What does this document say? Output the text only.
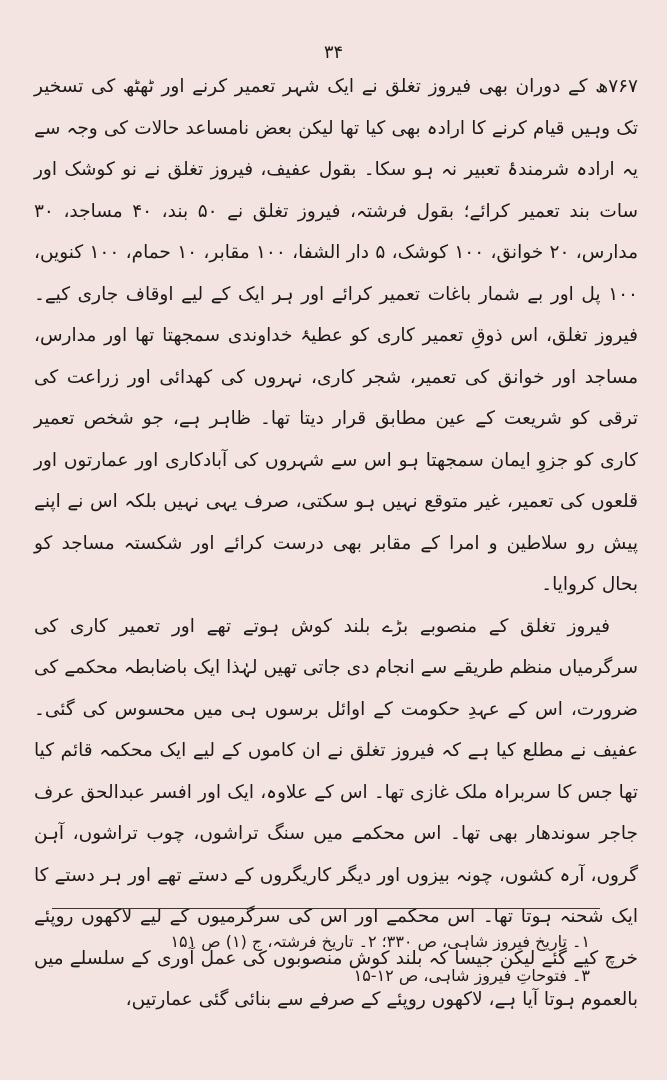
۳۴

۷۶۷ھ کے دوران بھی فیروز تغلق نے ایک شہر تعمیر کرنے اور ٹھٹھ کی تسخیر تک وہیں قیام کرنے کا ارادہ بھی کیا تھا لیکن بعض نامساعد حالات کی وجہ سے یہ ارادہ شرمندۂ تعبیر نہ ہو سکا۔ بقول عفیف، فیروز تغلق نے نو کوشک اور سات بند تعمیر کرائے؛ بقول فرشتہ، فیروز تغلق نے ۵۰ بند، ۴۰ مساجد، ۳۰ مدارس، ۲۰ خوانق، ۱۰۰ کوشک، ۵ دار الشفا، ۱۰۰ مقابر، ۱۰ حمام، ۱۰۰ کنویں، ۱۰۰ پل اور بے شمار باغات تعمیر کرائے اور ہر ایک کے لیے اوقاف جاری کیے۔ فیروز تغلق، اس ذوقِ تعمیر کاری کو عطیۂ خداوندی سمجھتا تھا اور مدارس، مساجد اور خوانق کی تعمیر، شجر کاری، نہروں کی کھدائی اور زراعت کی ترقی کو شریعت کے عین مطابق قرار دیتا تھا۔ ظاہر ہے، جو شخص تعمیر کاری کو جزوِ ایمان سمجھتا ہو اس سے شہروں کی آبادکاری اور عمارتوں اور قلعوں کی تعمیر، غیر متوقع نہیں ہو سکتی، صرف یہی نہیں بلکہ اس نے اپنے پیش رو سلاطین و امرا کے مقابر بھی درست کرائے اور شکستہ مساجد کو بحال کروایا۔

فیروز تغلق کے منصوبے بڑے بلند کوش ہوتے تھے اور تعمیر کاری کی سرگرمیاں منظم طریقے سے انجام دی جاتی تھیں لہٰذا ایک باضابطہ محکمے کی ضرورت، اس کے عہدِ حکومت کے اوائل برسوں ہی میں محسوس کی گئی۔ عفیف نے مطلع کیا ہے کہ فیروز تغلق نے ان کاموں کے لیے ایک محکمہ قائم کیا تھا جس کا سربراہ ملک غازی تھا۔ اس کے علاوہ، ایک اور افسر عبدالحق عرف جاجر سوندھار بھی تھا۔ اس محکمے میں سنگ تراشوں، چوب تراشوں، آہن گروں، آرہ کشوں، چونہ بیزوں اور دیگر کاریگروں کے دستے تھے اور ہر دستے کا ایک شحنہ ہوتا تھا۔ اس محکمے اور اس کی سرگرمیوں کے لیے لاکھوں روپئے خرچ کیے گئے لیکن جیسا کہ بلند کوش منصوبوں کی عمل آوری کے سلسلے میں بالعموم ہوتا آیا ہے، لاکھوں روپئے کے صرفے سے بنائی گئی عمارتیں،

۱۔ تاریخ فیروز شاہی، ص ۳۳۰؛ ۲۔ تاریخ فرشتہ، ج (۱) ص ۱۵۱
۳۔ فتوحاتِ فیروز شاہی، ص ۱۲-۱۵
